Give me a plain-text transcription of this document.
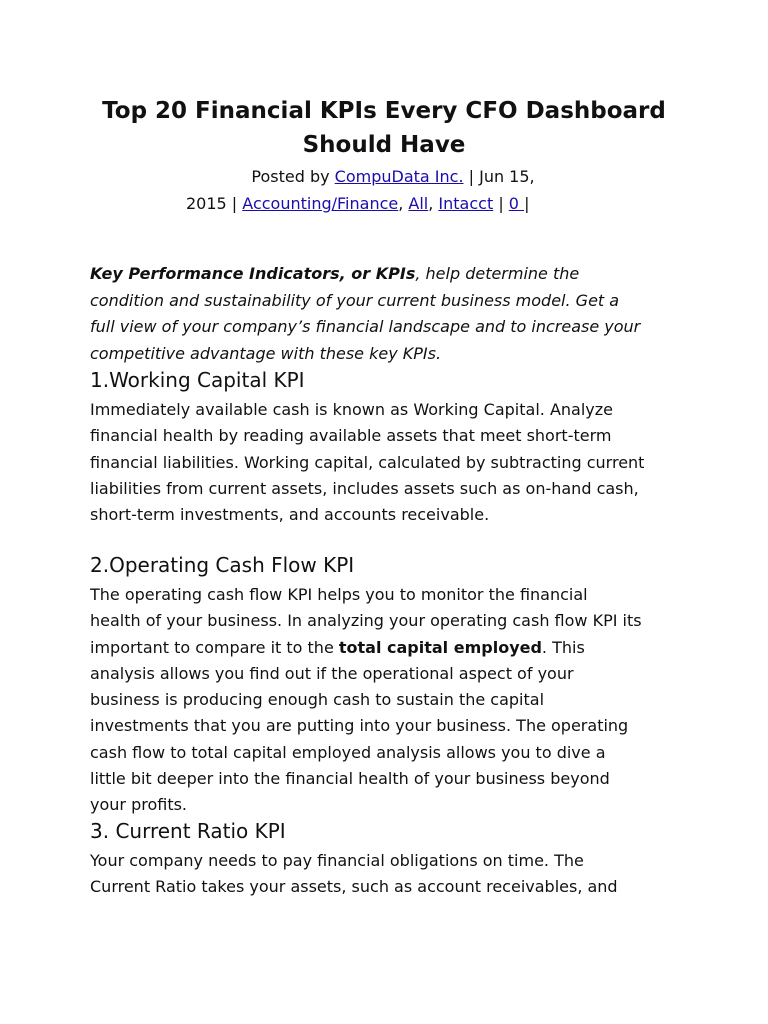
Top 20 Financial KPIs Every CFO Dashboard
Should Have
Posted by CompuData Inc. | Jun 15,
2015 | Accounting/Finance, All, Intacct | 0 |

Key Performance Indicators, or KPIs, help determine the
condition and sustainability of your current business model. Get a
full view of your company’s financial landscape and to increase your
competitive advantage with these key KPIs.

1.Working Capital KPI

Immediately available cash is known as Working Capital. Analyze
financial health by reading available assets that meet short-term
financial liabilities. Working capital, calculated by subtracting current
liabilities from current assets, includes assets such as on-hand cash,
short-term investments, and accounts receivable.

2.Operating Cash Flow KPI

The operating cash flow KPI helps you to monitor the financial
health of your business. In analyzing your operating cash flow KPI its
important to compare it to the total capital employed. This
analysis allows you find out if the operational aspect of your
business is producing enough cash to sustain the capital
investments that you are putting into your business. The operating
cash flow to total capital employed analysis allows you to dive a
little bit deeper into the financial health of your business beyond
your profits.

3. Current Ratio KPI

Your company needs to pay financial obligations on time. The
Current Ratio takes your assets, such as account receivables, and
